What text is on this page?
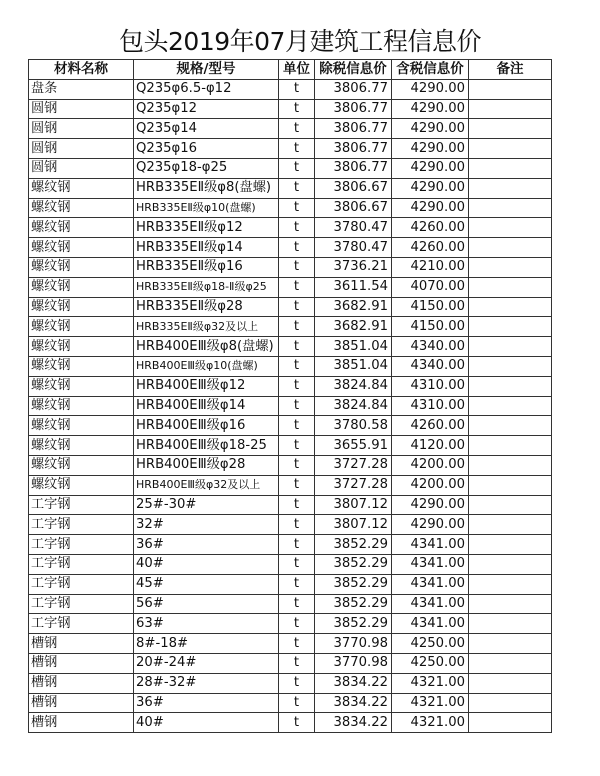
包头2019年07月建筑工程信息价
材料名称	规格/型号	单位	除税信息价	含税信息价	备注
盘条	Q235φ6.5-φ12	t	3806.77	4290.00	
圆钢	Q235φ12	t	3806.77	4290.00	
圆钢	Q235φ14	t	3806.77	4290.00	
圆钢	Q235φ16	t	3806.77	4290.00	
圆钢	Q235φ18-φ25	t	3806.77	4290.00	
螺纹钢	HRB335EⅡ级φ8(盘螺)	t	3806.67	4290.00	
螺纹钢	HRB335EⅡ级φ10(盘螺)	t	3806.67	4290.00	
螺纹钢	HRB335EⅡ级φ12	t	3780.47	4260.00	
螺纹钢	HRB335EⅡ级φ14	t	3780.47	4260.00	
螺纹钢	HRB335EⅡ级φ16	t	3736.21	4210.00	
螺纹钢	HRB335EⅡ级φ18-Ⅱ级φ25	t	3611.54	4070.00	
螺纹钢	HRB335EⅡ级φ28	t	3682.91	4150.00	
螺纹钢	HRB335EⅡ级φ32及以上	t	3682.91	4150.00	
螺纹钢	HRB400EⅢ级φ8(盘螺)	t	3851.04	4340.00	
螺纹钢	HRB400EⅢ级φ10(盘螺)	t	3851.04	4340.00	
螺纹钢	HRB400EⅢ级φ12	t	3824.84	4310.00	
螺纹钢	HRB400EⅢ级φ14	t	3824.84	4310.00	
螺纹钢	HRB400EⅢ级φ16	t	3780.58	4260.00	
螺纹钢	HRB400EⅢ级φ18-25	t	3655.91	4120.00	
螺纹钢	HRB400EⅢ级φ28	t	3727.28	4200.00	
螺纹钢	HRB400EⅢ级φ32及以上	t	3727.28	4200.00	
工字钢	25#-30#	t	3807.12	4290.00	
工字钢	32#	t	3807.12	4290.00	
工字钢	36#	t	3852.29	4341.00	
工字钢	40#	t	3852.29	4341.00	
工字钢	45#	t	3852.29	4341.00	
工字钢	56#	t	3852.29	4341.00	
工字钢	63#	t	3852.29	4341.00	
槽钢	8#-18#	t	3770.98	4250.00	
槽钢	20#-24#	t	3770.98	4250.00	
槽钢	28#-32#	t	3834.22	4321.00	
槽钢	36#	t	3834.22	4321.00	
槽钢	40#	t	3834.22	4321.00	
